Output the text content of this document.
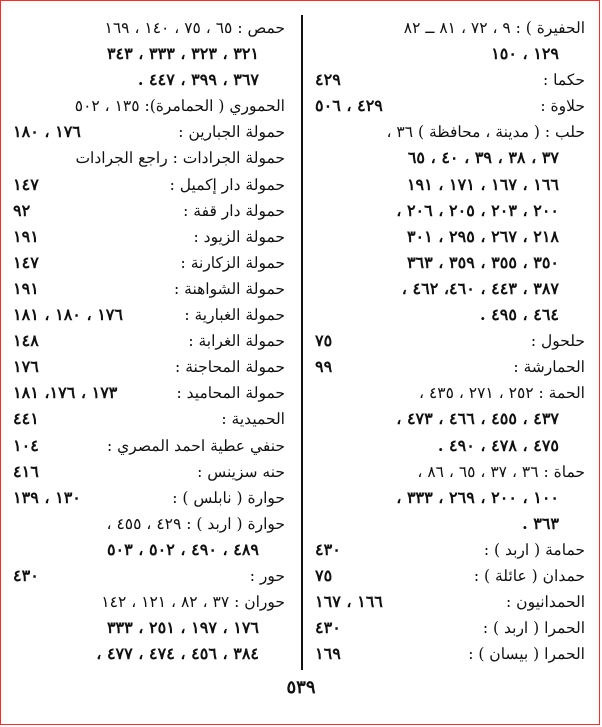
الحفيرة ) : ٩ ، ٧٢ ، ٨١ ــ ٨٢
١٢٩ ، ١٥٠
حكما :
٤٢٩
حلاوة :
٤٢٩ ، ٥٠٦
حلب : ( مدينة ، محافظة ) ٣٦ ،
٣٧ ، ٣٨ ، ٣٩ ، ٤٠ ، ٦٥
١٦٦ ، ١٦٧ ، ١٧١ ، ١٩١
٢٠٠ ، ٢٠٣ ، ٢٠٥ ، ٢٠٦ ،
٢١٨ ، ٢٦٧ ، ٢٩٥ ، ٣٠١
٣٥٠ ، ٣٥٥ ، ٣٥٩ ، ٣٦٣
٣٨٧ ، ٤٤٣ ، ٤٦٠، ٤٦٢ ،
٤٦٤ ، ٤٩٥ .
حلحول :
٧٥
الحمارشة :
٩٩
الحمة : ٢٥٢ ، ٢٧١ ، ٤٣٥ ،
٤٣٧ ، ٤٥٥ ، ٤٦٦ ، ٤٧٣ ،
٤٧٥ ، ٤٧٨ ، ٤٩٠ .
حماة : ٣٦ ، ٣٧ ، ٦٥ ، ٨٦ ،
١٠٠ ، ٢٠٠ ، ٢٦٩ ، ٣٣٣ ،
٣٦٣ .
حمامة ( اربد ) :
٤٣٠
حمدان ( عائلة ) :
٧٥
الحمدانيون :
١٦٦ ، ١٦٧
الحمرا ( اربد ) :
٤٣٠
الحمرا ( بيسان ) :
١٦٩
حمص : ٦٥ ، ٧٥ ، ١٤٠ ، ١٦٩
٣٢١ ، ٣٢٣ ، ٣٣٣ ، ٣٤٣
٣٦٧ ، ٣٩٩ ، ٤٤٧ .
الحموري ( الحمامرة): ١٣٥ ، ٥٠٢
حمولة الجبارين :
١٧٦ ، ١٨٠
حمولة الجرادات : راجع الجرادات
حمولة دار إكميل :
١٤٧
حمولة دار قفة :
٩٢
حمولة الزيود :
١٩١
حمولة الزكارنة :
١٤٧
حمولة الشواهنة :
١٩١
حمولة الغبارية :
١٧٦ ، ١٨٠ ، ١٨١
حمولة الغرابة :
١٤٨
حمولة المحاجنة :
١٧٦
حمولة المحاميد :
١٧٣ ، ١٧٦، ١٨١
الحميدية :
٤٤١
حنفي عطية احمد المصري :
١٠٤
حنه سزينس :
٤١٦
حوارة ( نابلس ) :
١٣٠ ، ١٣٩
حوارة ( اربد ) : ٤٢٩ ، ٤٥٥ ،
٤٨٩ ، ٤٩٠ ، ٥٠٢ ، ٥٠٣
حور :
٤٣٠
حوران : ٣٧ ، ٨٢ ، ١٢١ ، ١٤٢
١٧٦ ، ١٩٧ ، ٢٥١ ، ٣٣٣
٣٨٤ ، ٤٥٦ ، ٤٧٤ ، ٤٧٧ ،
٥٣٩
